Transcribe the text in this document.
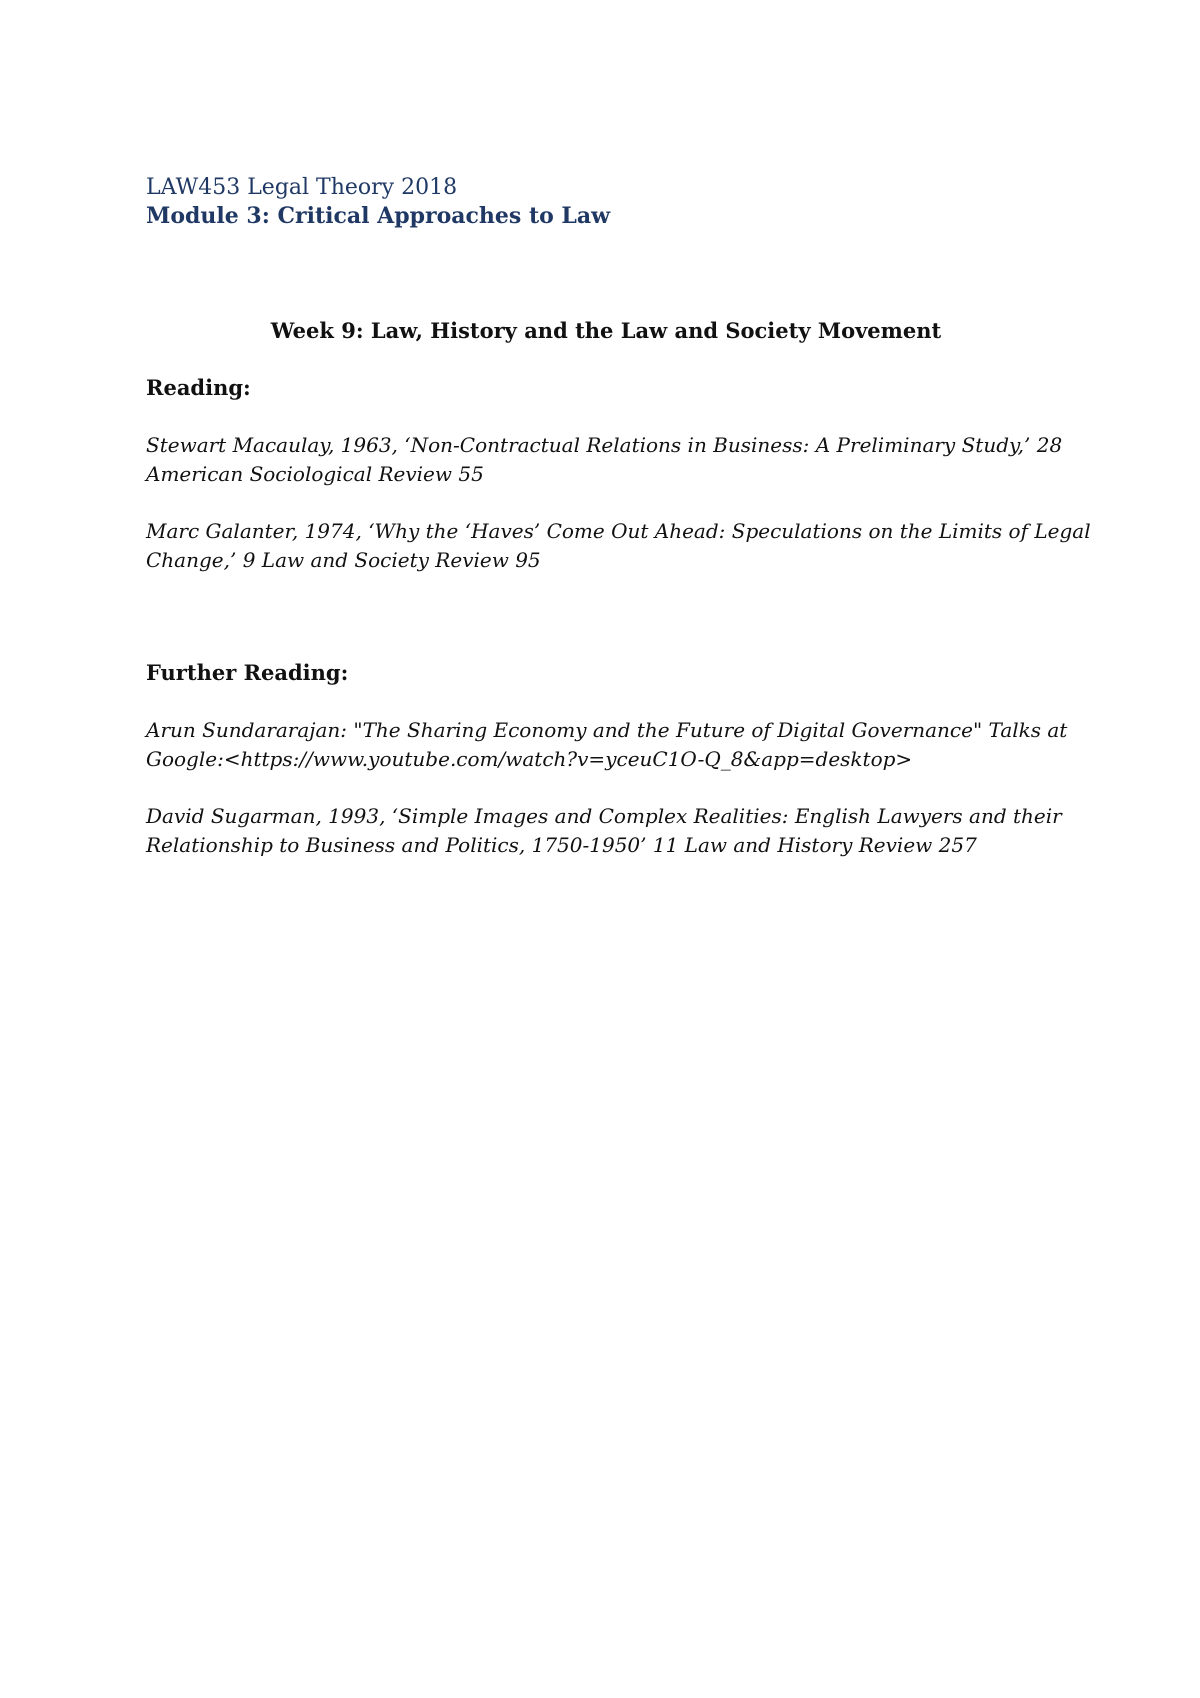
LAW453 Legal Theory 2018
Module 3: Critical Approaches to Law
Week 9: Law, History and the Law and Society Movement
Reading:
Stewart Macaulay, 1963, ‘Non-Contractual Relations in Business: A Preliminary Study,’ 28
American Sociological Review 55
Marc Galanter, 1974, ‘Why the ‘Haves’ Come Out Ahead: Speculations on the Limits of Legal
Change,’ 9 Law and Society Review 95
Further Reading:
Arun Sundararajan: "The Sharing Economy and the Future of Digital Governance" Talks at
Google:<https://www.youtube.com/watch?v=yceuC1O-Q_8&app=desktop>
David Sugarman, 1993, ‘Simple Images and Complex Realities: English Lawyers and their
Relationship to Business and Politics, 1750-1950’ 11 Law and History Review 257
